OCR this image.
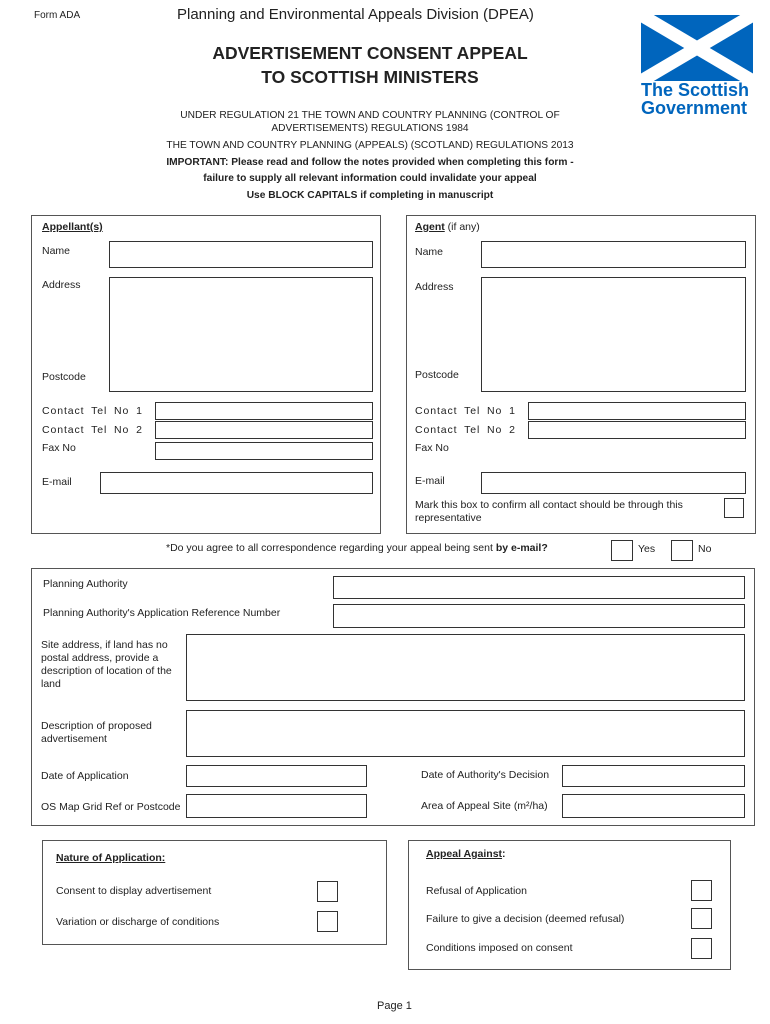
Form ADA	Planning and Environmental Appeals Division (DPEA)
ADVERTISEMENT CONSENT APPEAL
TO SCOTTISH MINISTERS
UNDER REGULATION 21 THE TOWN AND COUNTRY PLANNING (CONTROL OF
ADVERTISEMENTS) REGULATIONS 1984
THE TOWN AND COUNTRY PLANNING (APPEALS) (SCOTLAND) REGULATIONS 2013
IMPORTANT: Please read and follow the notes provided when completing this form -
failure to supply all relevant information could invalidate your appeal
Use BLOCK CAPITALS if completing in manuscript
The Scottish
Government
Appellant(s)
Name
Address
Postcode
Contact Tel No 1
Contact Tel No 2
Fax No
E-mail
Agent (if any)
Name
Address
Postcode
Contact Tel No 1
Contact Tel No 2
Fax No
E-mail
Mark this box to confirm all contact should be through this representative
*Do you agree to all correspondence regarding your appeal being sent by e-mail?	Yes	No
Planning Authority
Planning Authority's Application Reference Number
Site address, if land has no postal address, provide a description of location of the land
Description of proposed advertisement
Date of Application	Date of Authority's Decision
OS Map Grid Ref or Postcode	Area of Appeal Site (m²/ha)
Nature of Application:
Consent to display advertisement
Variation or discharge of conditions
Appeal Against:
Refusal of Application
Failure to give a decision (deemed refusal)
Conditions imposed on consent
Page 1
